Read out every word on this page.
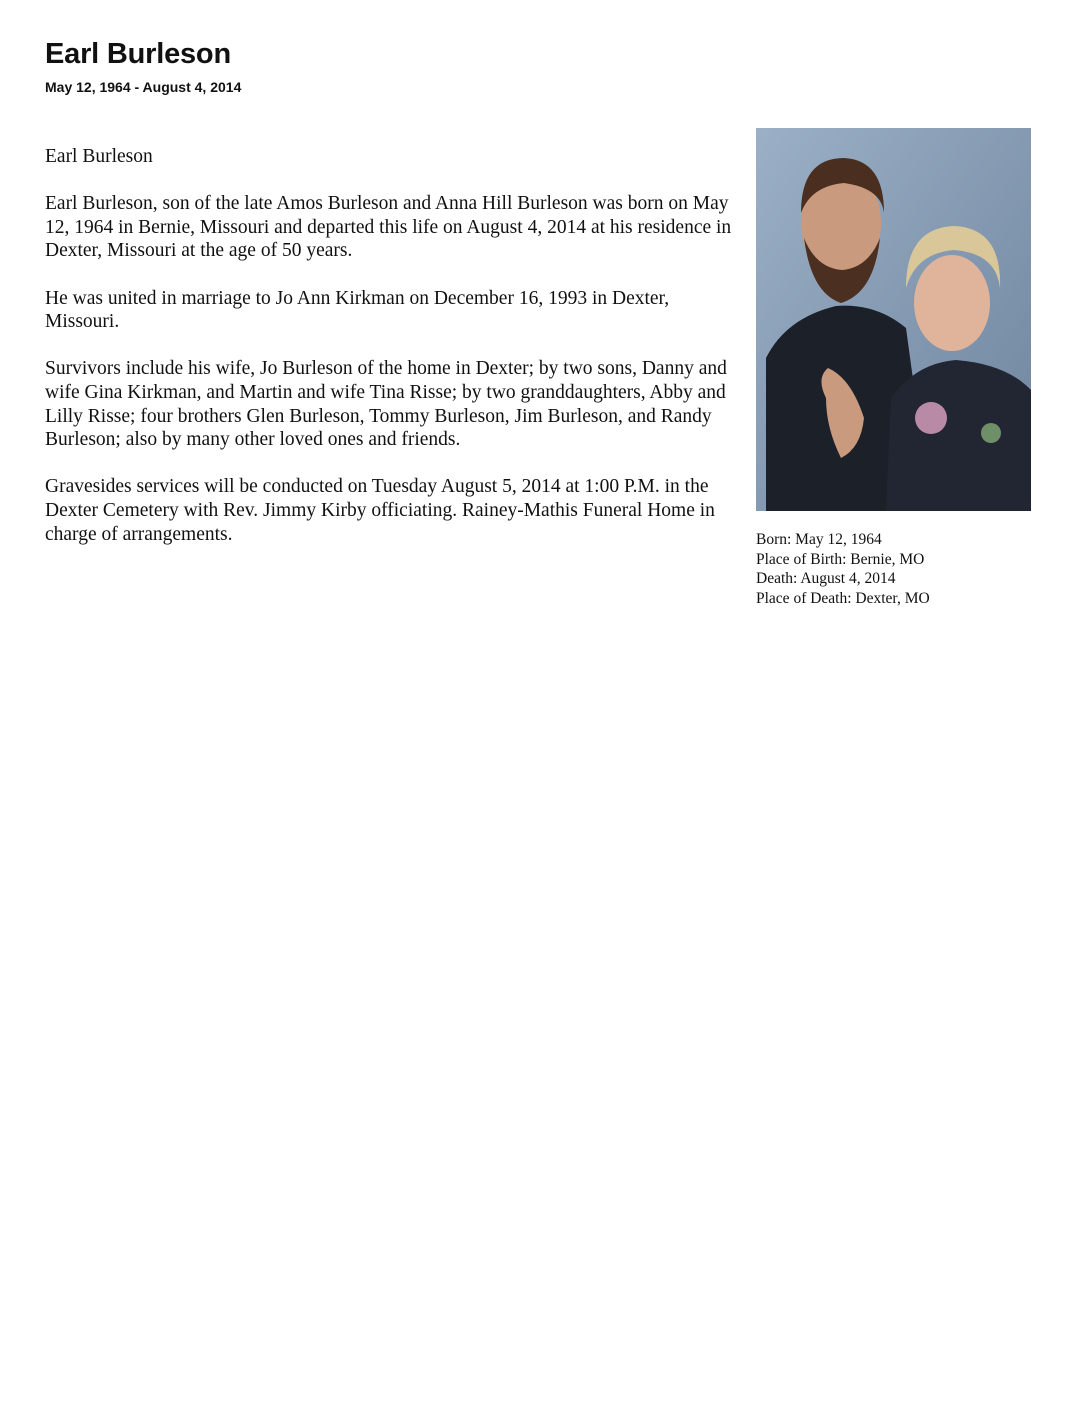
Earl Burleson
May 12, 1964 - August 4, 2014

Earl Burleson

Earl Burleson, son of the late Amos Burleson and Anna Hill Burleson was born on May 12, 1964 in Bernie, Missouri and departed this life on August 4, 2014 at his residence in Dexter, Missouri at the age of 50 years.

He was united in marriage to Jo Ann Kirkman on December 16, 1993 in Dexter, Missouri.

Survivors include his wife, Jo Burleson of the home in Dexter; by two sons, Danny and wife Gina Kirkman, and Martin and wife Tina Risse; by two granddaughters, Abby and Lilly Risse; four brothers Glen Burleson, Tommy Burleson, Jim Burleson, and Randy Burleson; also by many other loved ones and friends.

Gravesides services will be conducted on Tuesday August 5, 2014 at 1:00 P.M. in the Dexter Cemetery with Rev. Jimmy Kirby officiating. Rainey-Mathis Funeral Home in charge of arrangements.	Born: May 12, 1964
Place of Birth: Bernie, MO
Death: August 4, 2014
Place of Death: Dexter, MO
